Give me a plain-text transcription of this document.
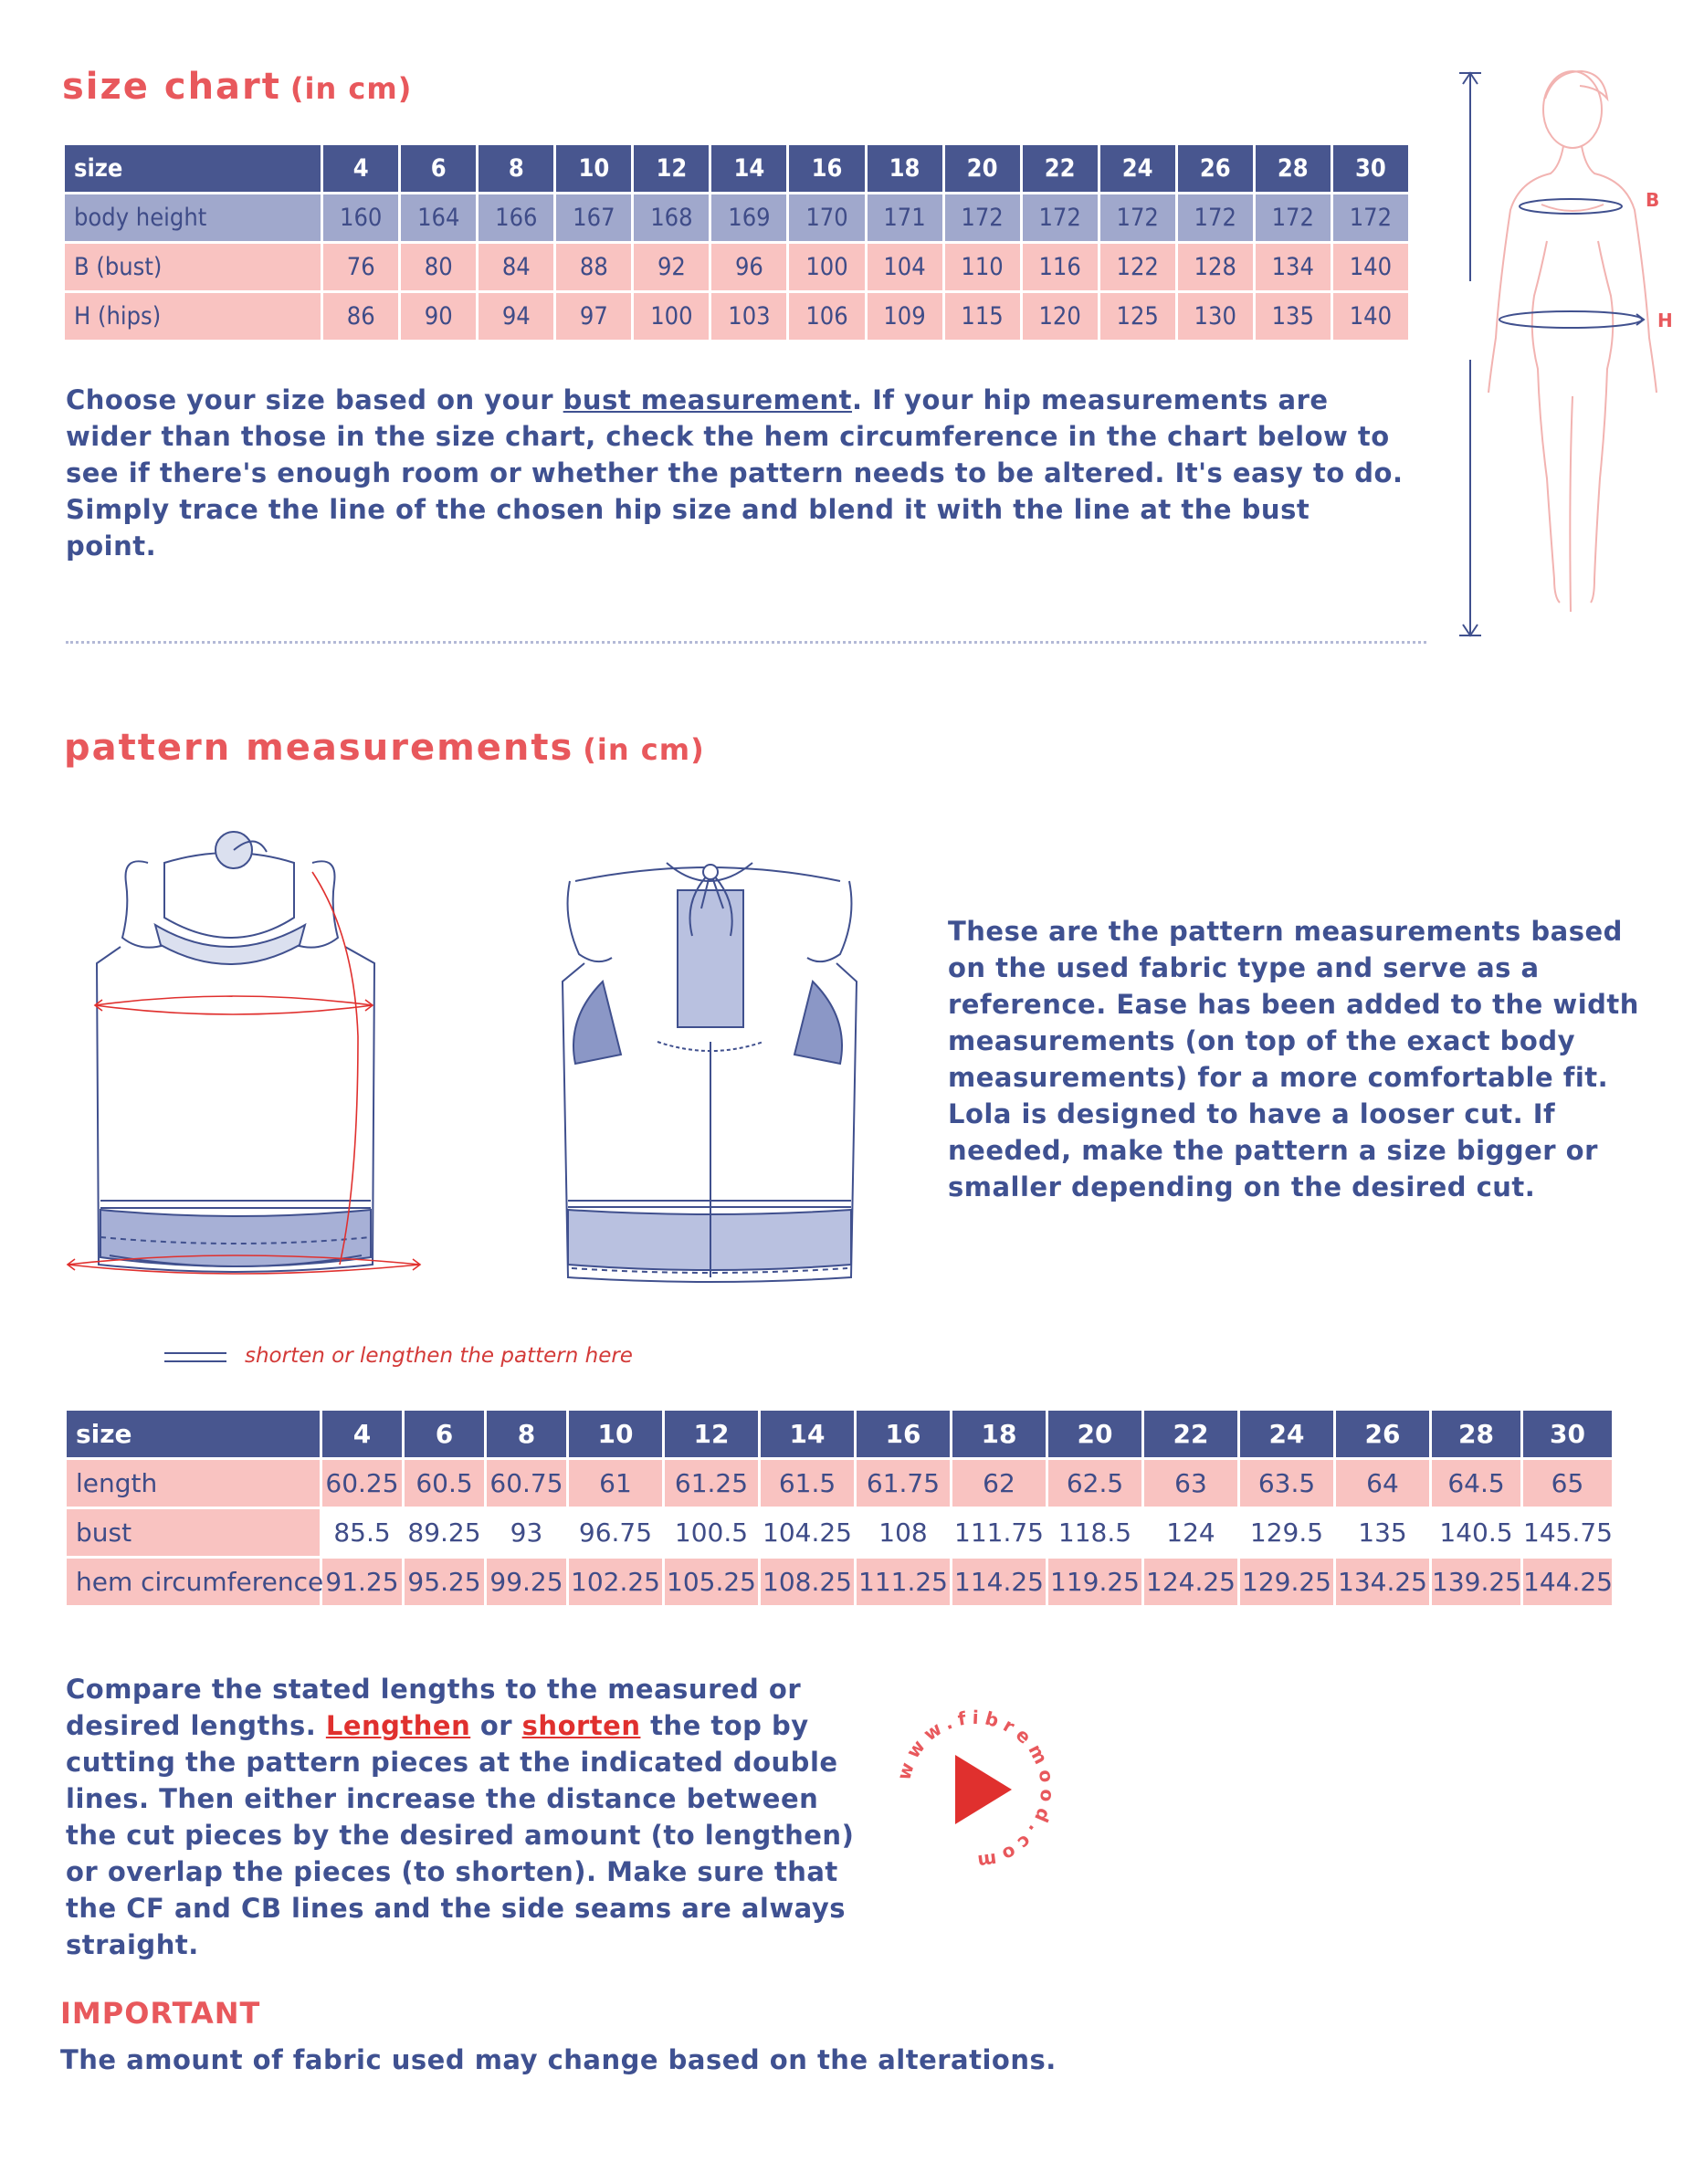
size chart (in cm)
size	4	6	8	10	12	14	16	18	20	22	24	26	28	30
body height	160	164	166	167	168	169	170	171	172	172	172	172	172	172
B (bust)	76	80	84	88	92	96	100	104	110	116	122	128	134	140
H (hips)	86	90	94	97	100	103	106	109	115	120	125	130	135	140
Choose your size based on your bust measurement. If your hip measurements are wider than those in the size chart, check the hem circumference in the chart below to see if there's enough room or whether the pattern needs to be altered. It's easy to do. Simply trace the line of the chosen hip size and blend it with the line at the bust point.
B
H
pattern measurements (in cm)
shorten or lengthen the pattern here
These are the pattern measurements based on the used fabric type and serve as a reference. Ease has been added to the width measurements (on top of the exact body measurements) for a more comfortable fit. Lola is designed to have a looser cut. If needed, make the pattern a size bigger or smaller depending on the desired cut.
size	4	6	8	10	12	14	16	18	20	22	24	26	28	30
length	60.25	60.5	60.75	61	61.25	61.5	61.75	62	62.5	63	63.5	64	64.5	65
bust	85.5	89.25	93	96.75	100.5	104.25	108	111.75	118.5	124	129.5	135	140.5	145.75
hem circumference	91.25	95.25	99.25	102.25	105.25	108.25	111.25	114.25	119.25	124.25	129.25	134.25	139.25	144.25
Compare the stated lengths to the measured or desired lengths. Lengthen or shorten the top by cutting the pattern pieces at the indicated double lines. Then either increase the distance between the cut pieces by the desired amount (to lengthen) or overlap the pieces (to shorten). Make sure that the CF and CB lines and the side seams are always straight.
www.fibremood.com
IMPORTANT
The amount of fabric used may change based on the alterations.
